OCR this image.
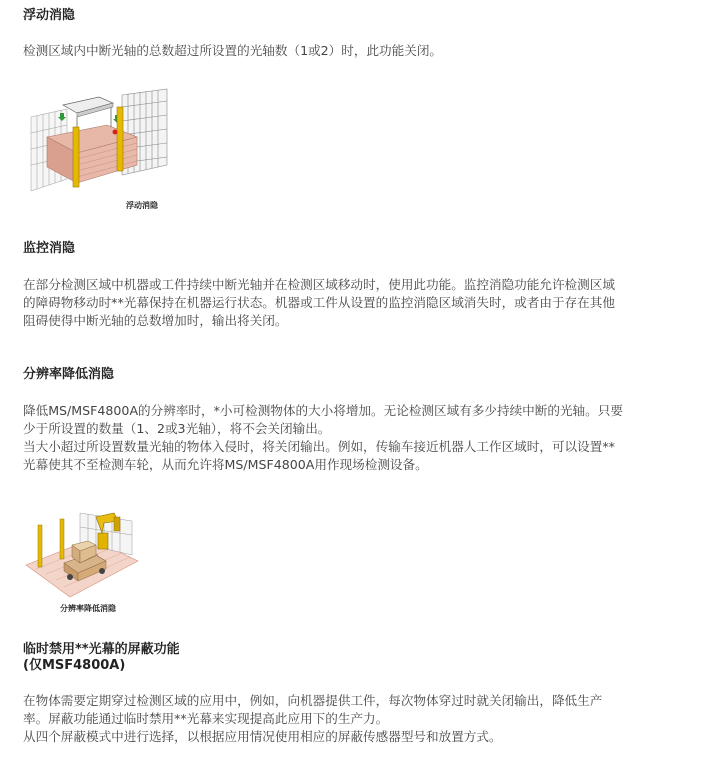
浮动消隐
检测区域内中断光轴的总数超过所设置的光轴数（1或2）时，此功能关闭。
浮动消隐
监控消隐
在部分检测区域中机器或工件持续中断光轴并在检测区域移动时，使用此功能。监控消隐功能允许检测区域
的障碍物移动时**光幕保持在机器运行状态。机器或工件从设置的监控消隐区域消失时，或者由于存在其他
阻碍使得中断光轴的总数增加时，输出将关闭。
分辨率降低消隐
降低MS/MSF4800A的分辨率时，*小可检测物体的大小将增加。无论检测区域有多少持续中断的光轴。只要
少于所设置的数量（1、2或3光轴），将不会关闭输出。
当大小超过所设置数量光轴的物体入侵时，将关闭输出。例如，传输车接近机器人工作区域时，可以设置**
光幕使其不至检测车轮，从而允许将MS/MSF4800A用作现场检测设备。
分辨率降低消隐
临时禁用**光幕的屏蔽功能
(仅MSF4800A)
在物体需要定期穿过检测区域的应用中，例如，向机器提供工件，每次物体穿过时就关闭输出，降低生产
率。屏蔽功能通过临时禁用**光幕来实现提高此应用下的生产力。
从四个屏蔽模式中进行选择，以根据应用情况使用相应的屏蔽传感器型号和放置方式。
